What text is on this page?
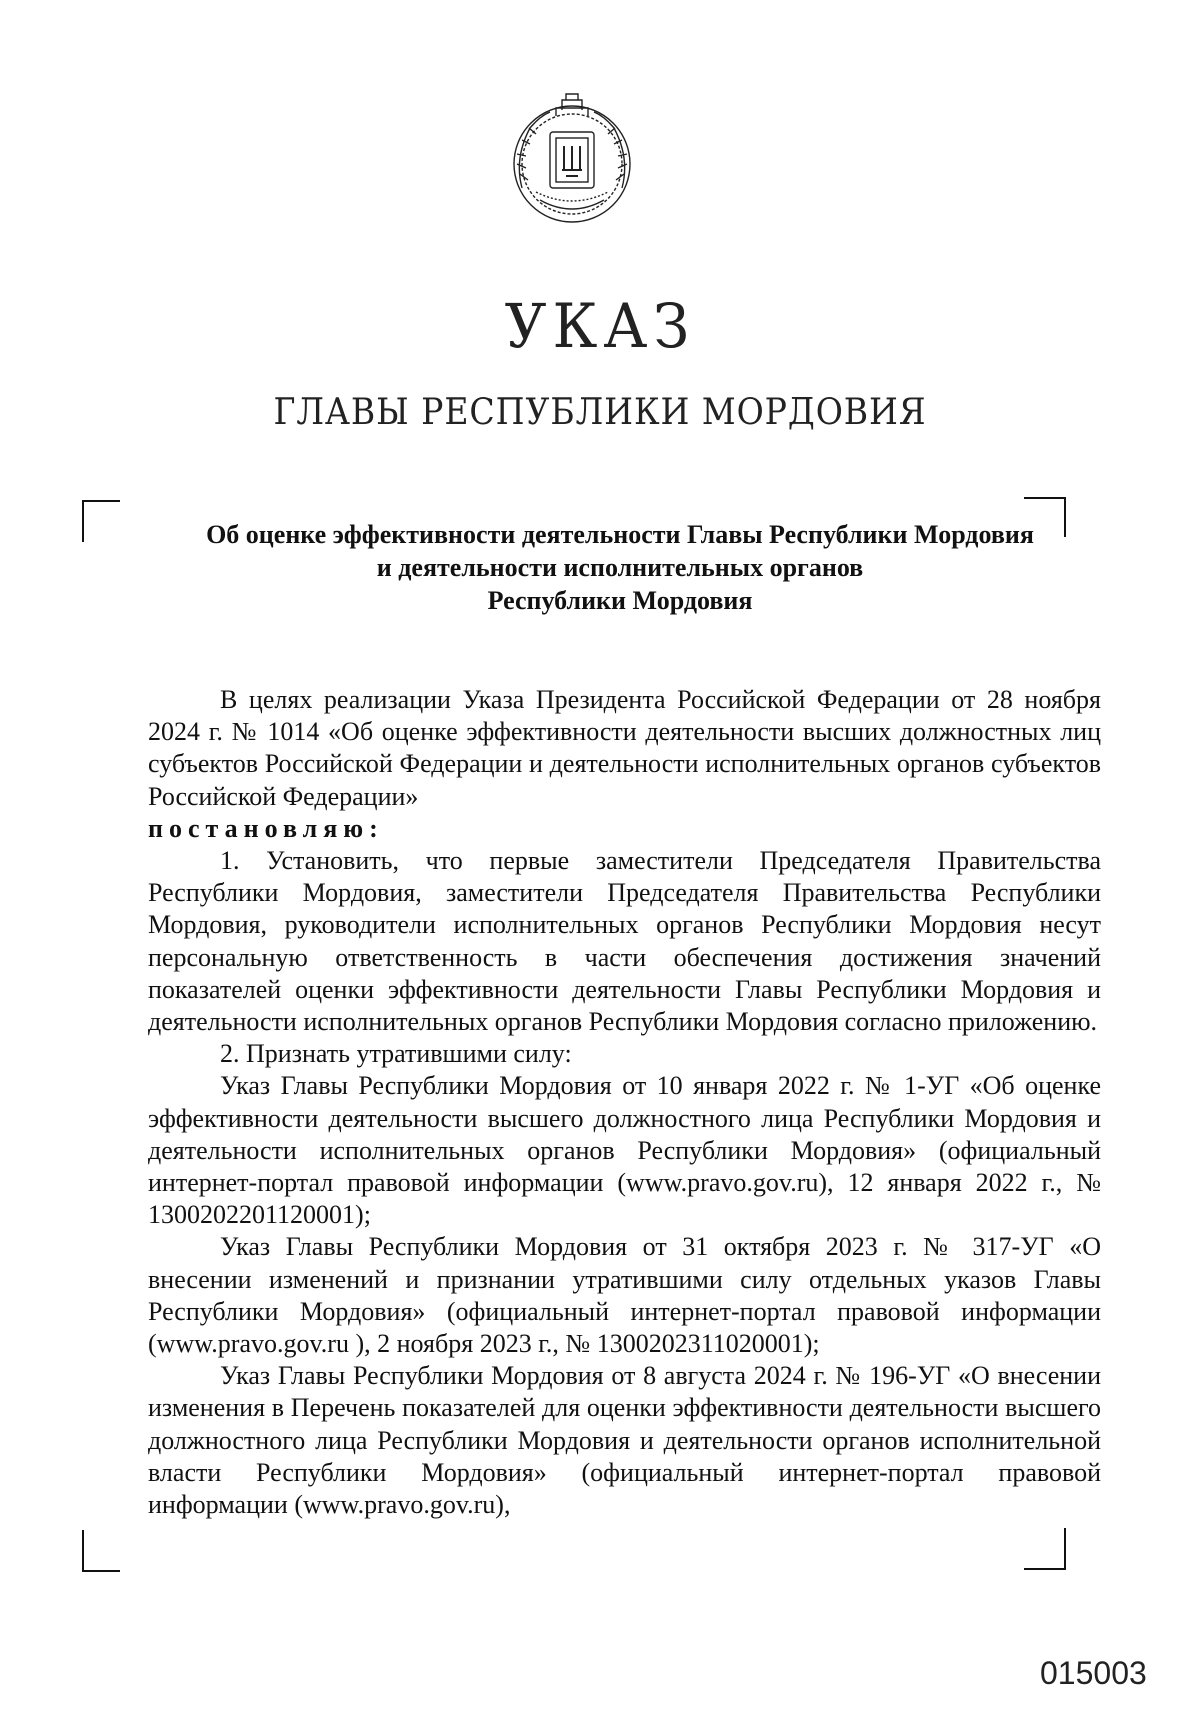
УКАЗ
ГЛАВЫ РЕСПУБЛИКИ МОРДОВИЯ
Об оценке эффективности деятельности Главы Республики Мордовия
и деятельности исполнительных органов
Республики Мордовия

В целях реализации Указа Президента Российской Федерации от 28 ноября 2024 г. № 1014 «Об оценке эффективности деятельности высших должностных лиц субъектов Российской Федерации и деятельности исполнительных органов субъектов Российской Федерации»

постановляю:

1. Установить, что первые заместители Председателя Правительства Республики Мордовия, заместители Председателя Правительства Республики Мордовия, руководители исполнительных органов Республики Мордовия несут персональную ответственность в части обеспечения достижения значений показателей оценки эффективности деятельности Главы Республики Мордовия и деятельности исполнительных органов Республики Мордовия согласно приложению.

2. Признать утратившими силу:

Указ Главы Республики Мордовия от 10 января 2022 г. № 1-УГ «Об оценке эффективности деятельности высшего должностного лица Республики Мордовия и деятельности исполнительных органов Республики Мордовия» (официальный интернет-портал правовой информации (www.pravo.gov.ru), 12 января 2022 г., № 1300202201120001);

Указ Главы Республики Мордовия от 31 октября 2023 г. № 317-УГ «О внесении изменений и признании утратившими силу отдельных указов Главы Республики Мордовия» (официальный интернет-портал правовой информации (www.pravo.gov.ru ), 2 ноября 2023 г., № 1300202311020001);

Указ Главы Республики Мордовия от 8 августа 2024 г. № 196-УГ «О внесении изменения в Перечень показателей для оценки эффективности деятельности высшего должностного лица Республики Мордовия и деятельности органов исполнительной власти Республики Мордовия» (официальный интернет-портал правовой информации (www.pravo.gov.ru),

015003
